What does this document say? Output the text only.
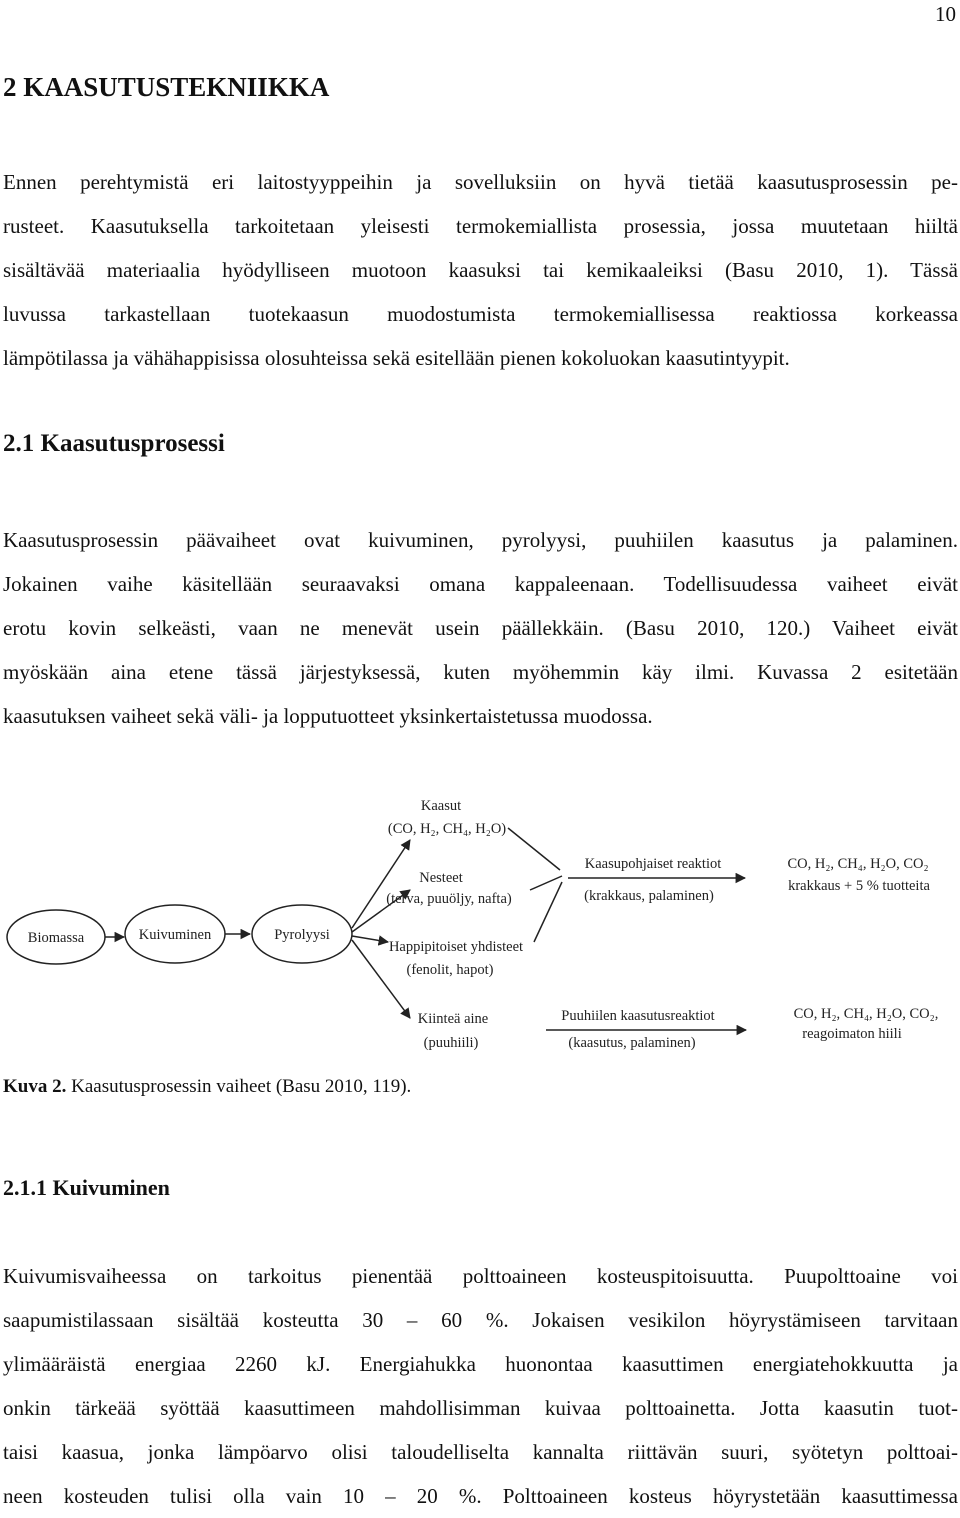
10
2 KAASUTUSTEKNIIKKA
Ennen perehtymistä eri laitostyyppeihin ja sovelluksiin on hyvä tietää kaasutusprosessin pe-
rusteet. Kaasutuksella tarkoitetaan yleisesti termokemiallista prosessia, jossa muutetaan hiiltä
sisältävää materiaalia hyödylliseen muotoon kaasuksi tai kemikaaleiksi (Basu 2010, 1). Tässä
luvussa tarkastellaan tuotekaasun muodostumista termokemiallisessa reaktiossa korkeassa
lämpötilassa ja vähähappisissa olosuhteissa sekä esitellään pienen kokoluokan kaasutintyypit.
2.1 Kaasutusprosessi
Kaasutusprosessin päävaiheet ovat kuivuminen, pyrolyysi, puuhiilen kaasutus ja palaminen.
Jokainen vaihe käsitellään seuraavaksi omana kappaleenaan. Todellisuudessa vaiheet eivät
erotu kovin selkeästi, vaan ne menevät usein päällekkäin. (Basu 2010, 120.) Vaiheet eivät
myöskään aina etene tässä järjestyksessä, kuten myöhemmin käy ilmi. Kuvassa 2 esitetään
kaasutuksen vaiheet sekä väli- ja lopputuotteet yksinkertaistetussa muodossa.
Biomassa	Kuivuminen	Pyrolyysi
Kaasut
(CO, H₂, CH₄, H₂O)
Nesteet
(terva, puuöljy, nafta)
Happipitoiset yhdisteet
(fenolit, hapot)
Kiinteä aine
(puuhiili)
Kaasupohjaiset reaktiot
(krakkaus, palaminen)
CO, H₂, CH₄, H₂O, CO₂
krakkaus + 5 % tuotteita
Puuhiilen kaasutusreaktiot
(kaasutus, palaminen)
CO, H₂, CH₄, H₂O, CO₂,
reagoimaton hiili
Kuva 2. Kaasutusprosessin vaiheet (Basu 2010, 119).
2.1.1 Kuivuminen
Kuivumisvaiheessa on tarkoitus pienentää polttoaineen kosteuspitoisuutta. Puupolttoaine voi
saapumistilassaan sisältää kosteutta 30 – 60 %. Jokaisen vesikilon höyrystämiseen tarvitaan
ylimääräistä energiaa 2260 kJ. Energiahukka huonontaa kaasuttimen energiatehokkuutta ja
onkin tärkeää syöttää kaasuttimeen mahdollisimman kuivaa polttoainetta. Jotta kaasutin tuot-
taisi kaasua, jonka lämpöarvo olisi taloudelliselta kannalta riittävän suuri, syötetyn polttoai-
neen kosteuden tulisi olla vain 10 – 20 %. Polttoaineen kosteus höyrystetään kaasuttimessa
